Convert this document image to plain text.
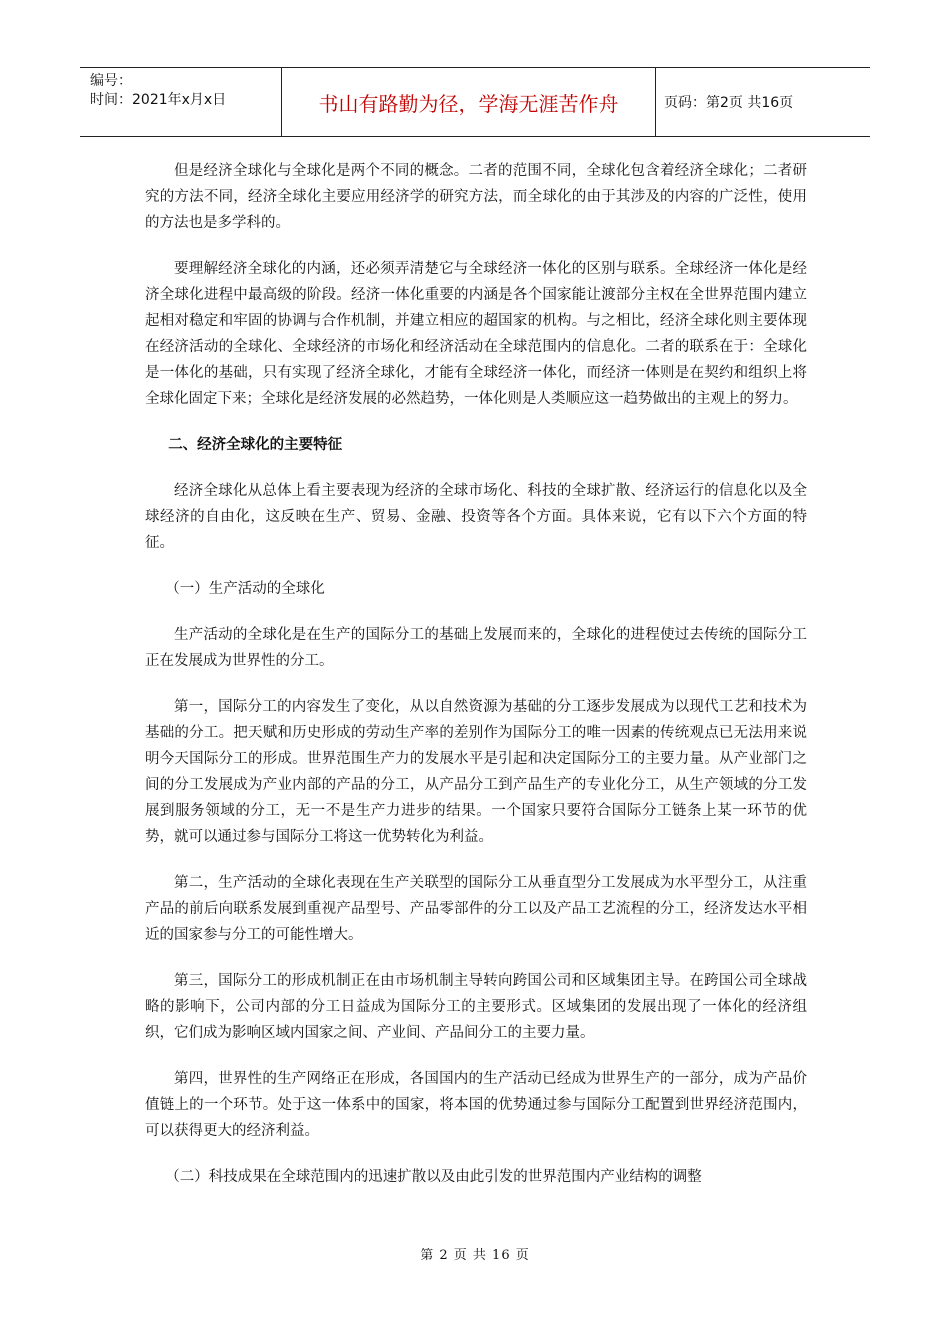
编号：
时间：2021年x月x日	书山有路勤为径，学海无涯苦作舟	页码：第2页 共16页

但是经济全球化与全球化是两个不同的概念。二者的范围不同，全球化包含着经济全球化；二者研究的方法不同，经济全球化主要应用经济学的研究方法，而全球化的由于其涉及的内容的广泛性，使用的方法也是多学科的。

要理解经济全球化的内涵，还必须弄清楚它与全球经济一体化的区别与联系。全球经济一体化是经济全球化进程中最高级的阶段。经济一体化重要的内涵是各个国家能让渡部分主权在全世界范围内建立起相对稳定和牢固的协调与合作机制，并建立相应的超国家的机构。与之相比，经济全球化则主要体现在经济活动的全球化、全球经济的市场化和经济活动在全球范围内的信息化。二者的联系在于：全球化是一体化的基础，只有实现了经济全球化，才能有全球经济一体化，而经济一体则是在契约和组织上将全球化固定下来；全球化是经济发展的必然趋势，一体化则是人类顺应这一趋势做出的主观上的努力。

二、经济全球化的主要特征

经济全球化从总体上看主要表现为经济的全球市场化、科技的全球扩散、经济运行的信息化以及全球经济的自由化，这反映在生产、贸易、金融、投资等各个方面。具体来说，它有以下六个方面的特征。

（一）生产活动的全球化

生产活动的全球化是在生产的国际分工的基础上发展而来的，全球化的进程使过去传统的国际分工正在发展成为世界性的分工。

第一，国际分工的内容发生了变化，从以自然资源为基础的分工逐步发展成为以现代工艺和技术为基础的分工。把天赋和历史形成的劳动生产率的差别作为国际分工的唯一因素的传统观点已无法用来说明今天国际分工的形成。世界范围生产力的发展水平是引起和决定国际分工的主要力量。从产业部门之间的分工发展成为产业内部的产品的分工，从产品分工到产品生产的专业化分工，从生产领域的分工发展到服务领域的分工，无一不是生产力进步的结果。一个国家只要符合国际分工链条上某一环节的优势，就可以通过参与国际分工将这一优势转化为利益。

第二，生产活动的全球化表现在生产关联型的国际分工从垂直型分工发展成为水平型分工，从注重产品的前后向联系发展到重视产品型号、产品零部件的分工以及产品工艺流程的分工，经济发达水平相近的国家参与分工的可能性增大。

第三，国际分工的形成机制正在由市场机制主导转向跨国公司和区域集团主导。在跨国公司全球战略的影响下，公司内部的分工日益成为国际分工的主要形式。区域集团的发展出现了一体化的经济组织，它们成为影响区域内国家之间、产业间、产品间分工的主要力量。

第四，世界性的生产网络正在形成，各国国内的生产活动已经成为世界生产的一部分，成为产品价值链上的一个环节。处于这一体系中的国家，将本国的优势通过参与国际分工配置到世界经济范围内，可以获得更大的经济利益。

（二）科技成果在全球范围内的迅速扩散以及由此引发的世界范围内产业结构的调整

第 2 页 共 16 页
